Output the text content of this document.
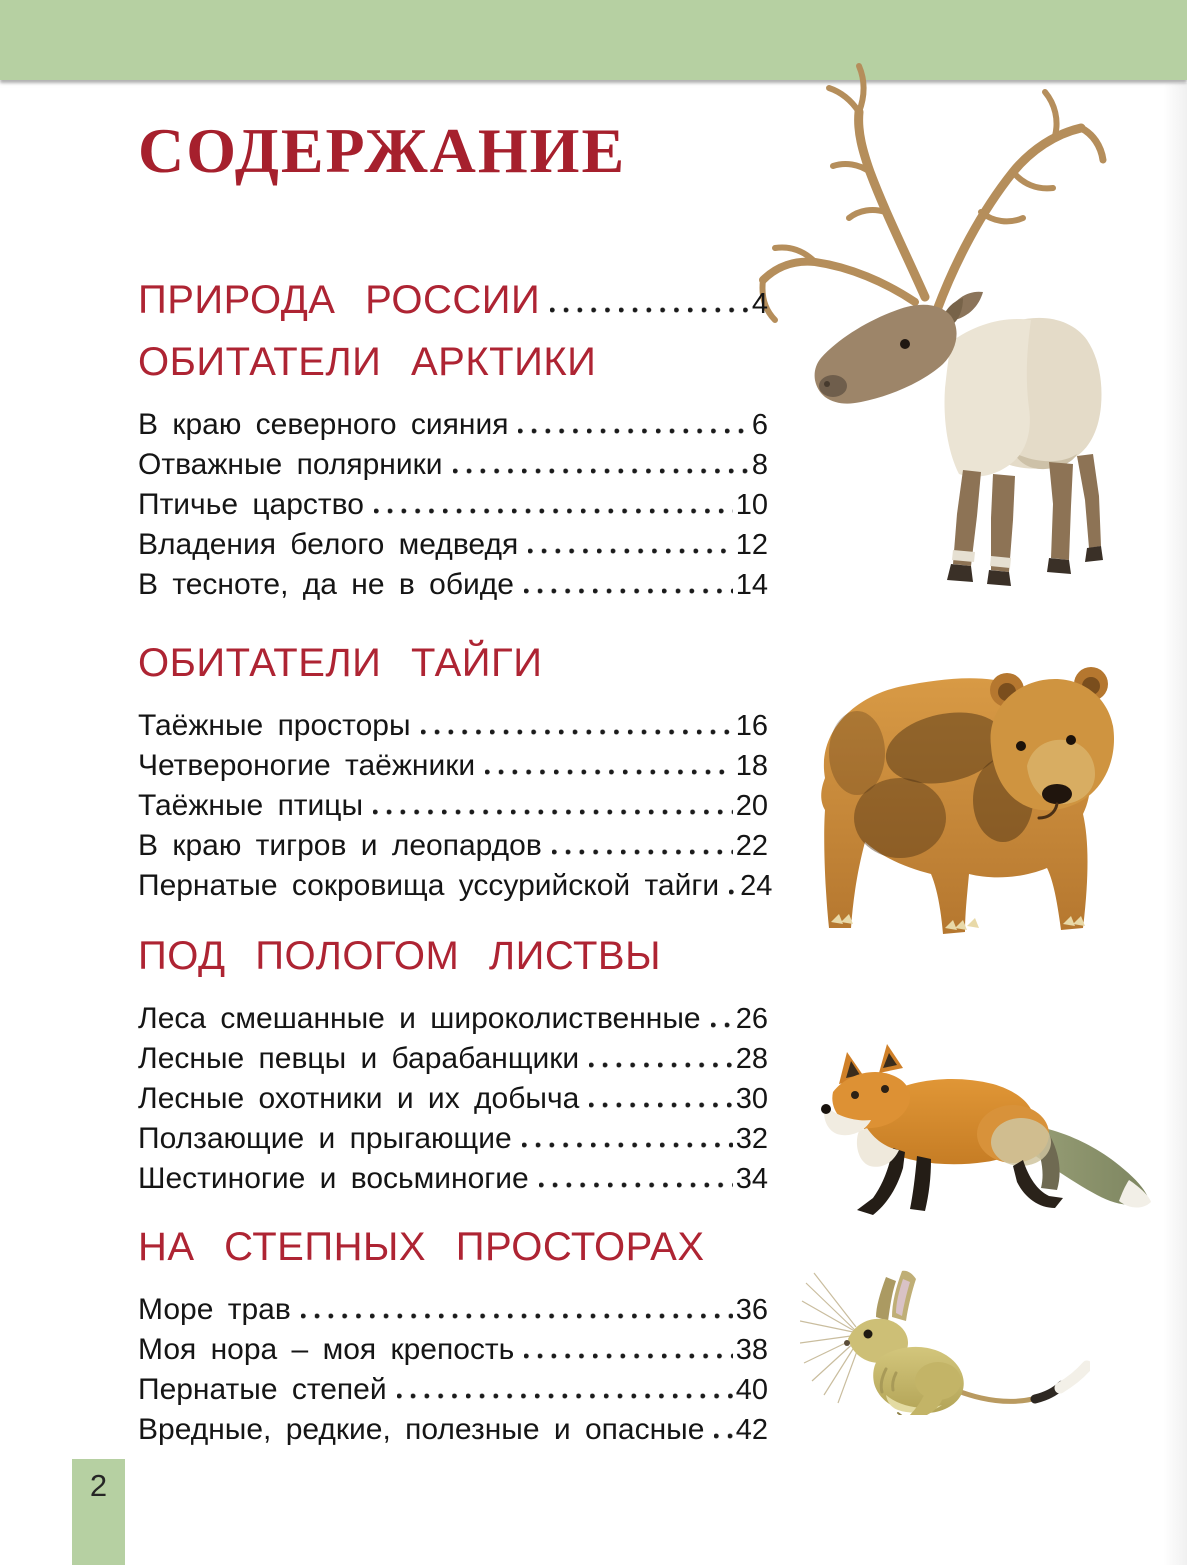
СОДЕРЖАНИЕ
ПРИРОДА РОССИИ	4
ОБИТАТЕЛИ АРКТИКИ
В краю северного сияния	6
Отважные полярники	8
Птичье царство	10
Владения белого медведя	12
В тесноте, да не в обиде	14
ОБИТАТЕЛИ ТАЙГИ
Таёжные просторы	16
Четвероногие таёжники	18
Таёжные птицы	20
В краю тигров и леопардов	22
Пернатые сокровища уссурийской тайги 24
ПОД ПОЛОГОМ ЛИСТВЫ
Леса смешанные и широколиственные 26
Лесные певцы и барабанщики	28
Лесные охотники и их добыча	30
Ползающие и прыгающие	32
Шестиногие и восьминогие	34
НА СТЕПНЫХ ПРОСТОРАХ
Море трав	36
Моя нора – моя крепость	38
Пернатые степей	40
Вредные, редкие, полезные и опасные 42
2
